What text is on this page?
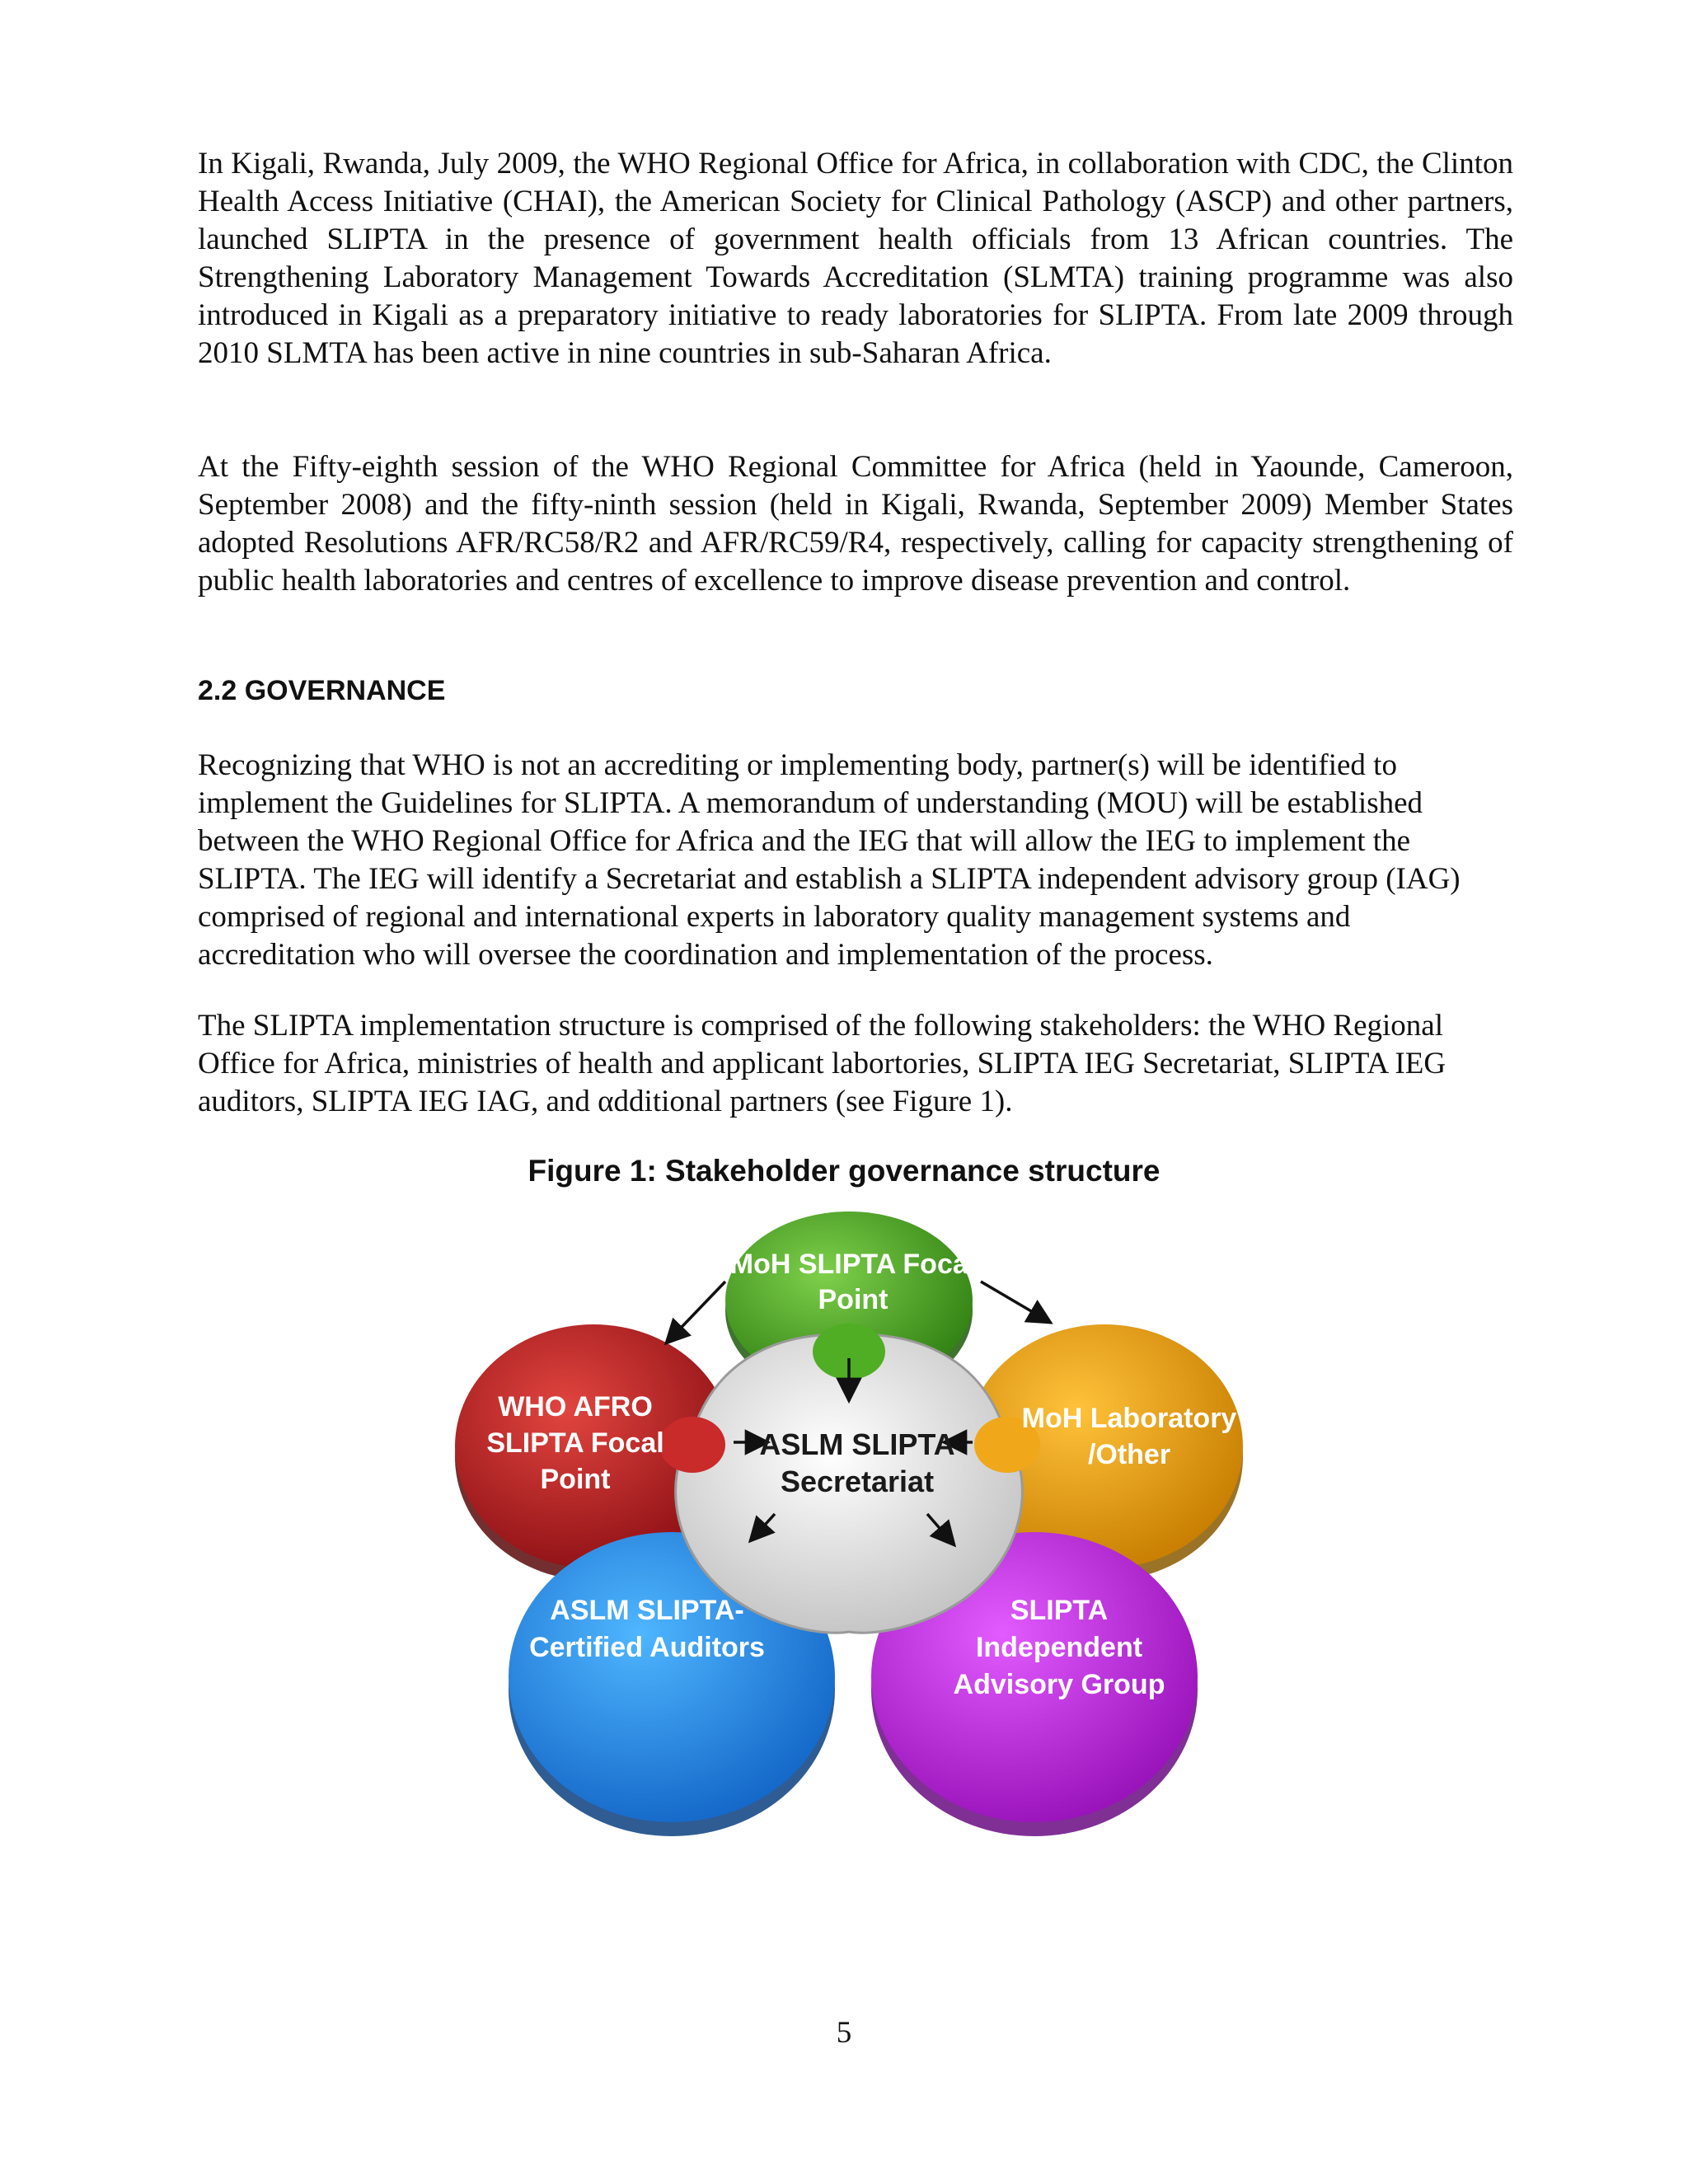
In Kigali, Rwanda, July 2009, the WHO Regional Office for Africa, in collaboration with CDC, the Clinton Health Access Initiative (CHAI), the American Society for Clinical Pathology (ASCP) and other partners, launched SLIPTA in the presence of government health officials from 13 African countries. The Strengthening Laboratory Management Towards Accreditation (SLMTA) training programme was also introduced in Kigali as a preparatory initiative to ready laboratories for SLIPTA. From late 2009 through 2010 SLMTA has been active in nine countries in sub-Saharan Africa.

At the Fifty-eighth session of the WHO Regional Committee for Africa (held in Yaounde, Cameroon, September 2008) and the fifty-ninth session (held in Kigali, Rwanda, September 2009) Member States adopted Resolutions AFR/RC58/R2 and AFR/RC59/R4, respectively, calling for capacity strengthening of public health laboratories and centres of excellence to improve disease prevention and control.

2.2 GOVERNANCE

Recognizing that WHO is not an accrediting or implementing body, partner(s) will be identified to implement the Guidelines for SLIPTA. A memorandum of understanding (MOU) will be established between the WHO Regional Office for Africa and the IEG that will allow the IEG to implement the SLIPTA. The IEG will identify a Secretariat and establish a SLIPTA independent advisory group (IAG) comprised of regional and international experts in laboratory quality management systems and accreditation who will oversee the coordination and implementation of the process.

The SLIPTA implementation structure is comprised of the following stakeholders: the WHO Regional Office for Africa, ministries of health and applicant labortories, SLIPTA IEG Secretariat, SLIPTA IEG auditors, SLIPTA IEG IAG, and αdditional partners (see Figure 1).

Figure 1: Stakeholder governance structure
MoH SLIPTA Focal
Point
WHO AFRO
SLIPTA Focal
Point
MoH Laboratory
/Other
ASLM SLIPTA-
Certified Auditors
SLIPTA
Independent
Advisory Group
ASLM SLIPTA
Secretariat
5
